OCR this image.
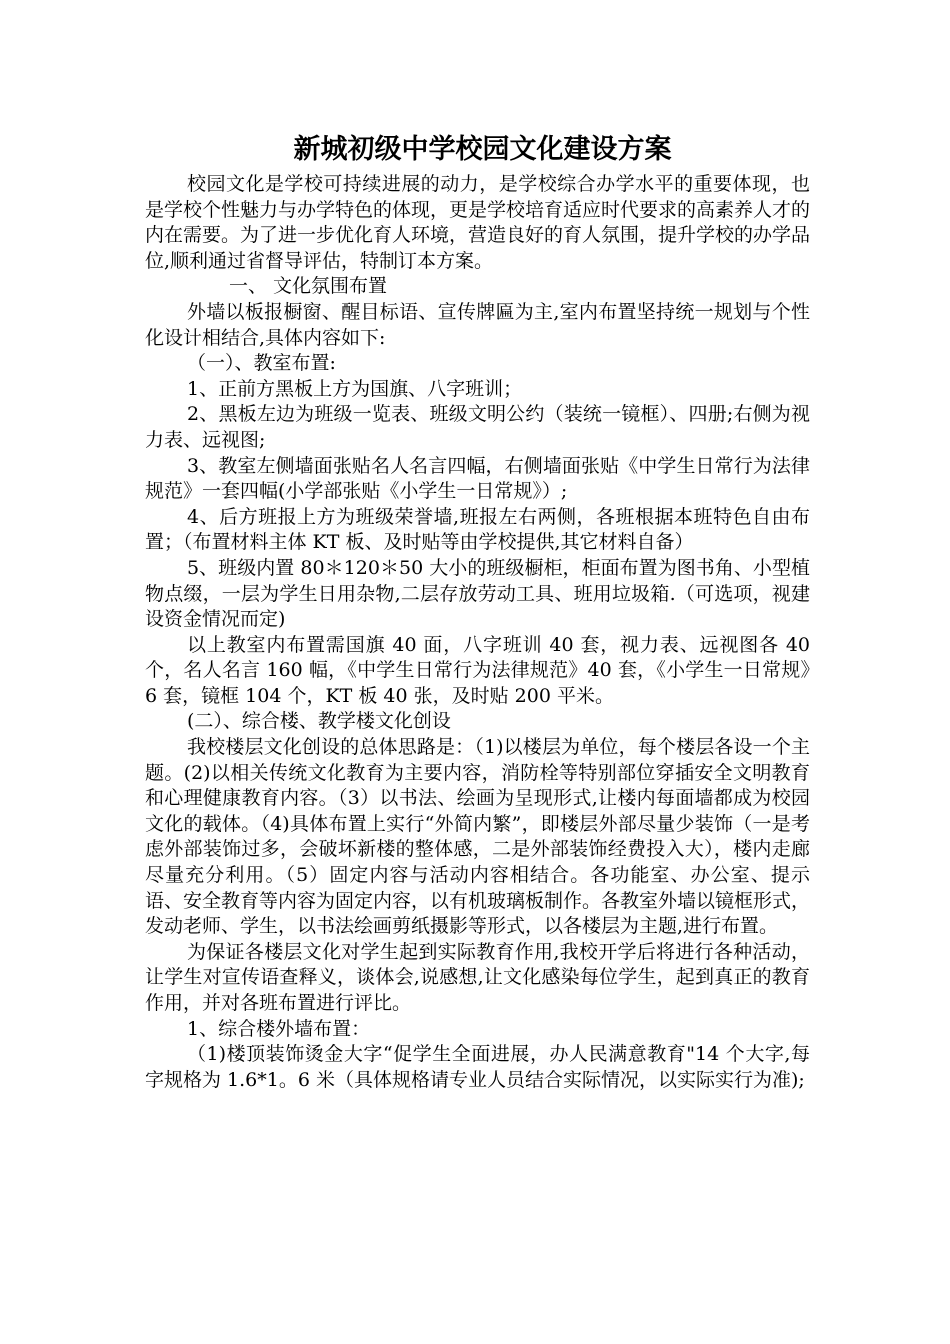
新城初级中学校园文化建设方案

校园文化是学校可持续进展的动力，是学校综合办学水平的重要体现，也是学校个性魅力与办学特色的体现，更是学校培育适应时代要求的高素养人才的内在需要。为了进一步优化育人环境，营造良好的育人氛围，提升学校的办学品位,顺利通过省督导评估，特制订本方案。

一、 文化氛围布置

外墙以板报橱窗、醒目标语、宣传牌匾为主,室内布置坚持统一规划与个性化设计相结合,具体内容如下:

（一）、教室布置:

1、正前方黑板上方为国旗、八字班训；

2、黑板左边为班级一览表、班级文明公约（装统一镜框）、四册;右侧为视力表、远视图;

3、教室左侧墙面张贴名人名言四幅，右侧墙面张贴《中学生日常行为法律规范》一套四幅(小学部张贴《小学生一日常规》）;

4、后方班报上方为班级荣誉墙,班报左右两侧，各班根据本班特色自由布置；（布置材料主体 KT 板、及时贴等由学校提供,其它材料自备）

5、班级内置 80＊120＊50 大小的班级橱柜，柜面布置为图书角、小型植物点缀，一层为学生日用杂物,二层存放劳动工具、班用垃圾箱.（可选项，视建设资金情况而定)

以上教室内布置需国旗 40 面，八字班训 40 套，视力表、远视图各 40 个，名人名言 160 幅，《中学生日常行为法律规范》40 套，《小学生一日常规》6 套，镜框 104 个，KT 板 40 张，及时贴 200 平米。

(二）、综合楼、教学楼文化创设

我校楼层文化创设的总体思路是：（1)以楼层为单位，每个楼层各设一个主题。(2)以相关传统文化教育为主要内容，消防栓等特别部位穿插安全文明教育和心理健康教育内容。（3）以书法、绘画为呈现形式,让楼内每面墙都成为校园文化的载体。（4)具体布置上实行“外简内繁”，即楼层外部尽量少装饰（一是考虑外部装饰过多，会破坏新楼的整体感，二是外部装饰经费投入大），楼内走廊尽量充分利用。（5）固定内容与活动内容相结合。各功能室、办公室、提示语、安全教育等内容为固定内容，以有机玻璃板制作。各教室外墙以镜框形式，发动老师、学生，以书法绘画剪纸摄影等形式，以各楼层为主题,进行布置。

为保证各楼层文化对学生起到实际教育作用,我校开学后将进行各种活动，让学生对宣传语查释义，谈体会,说感想,让文化感染每位学生，起到真正的教育作用，并对各班布置进行评比。

1、综合楼外墙布置：

（1)楼顶装饰烫金大字“促学生全面进展，办人民满意教育"14 个大字,每字规格为 1.6*1。6 米（具体规格请专业人员结合实际情况，以实际实行为准);
